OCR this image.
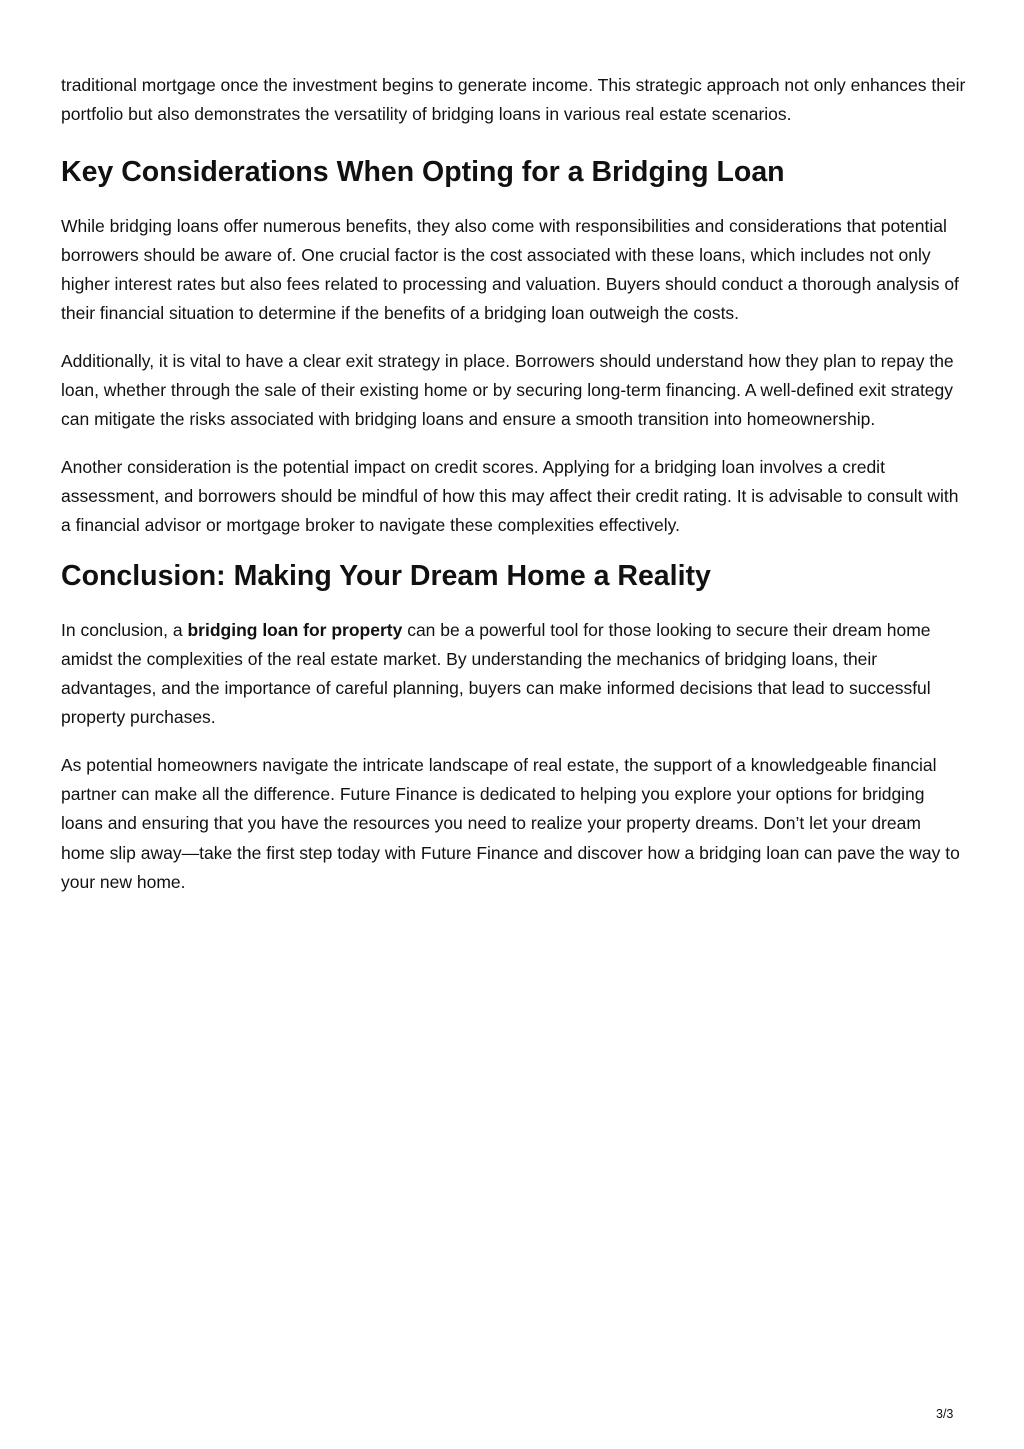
traditional mortgage once the investment begins to generate income. This strategic approach not only enhances their portfolio but also demonstrates the versatility of bridging loans in various real estate scenarios.

Key Considerations When Opting for a Bridging Loan

While bridging loans offer numerous benefits, they also come with responsibilities and considerations that potential borrowers should be aware of. One crucial factor is the cost associated with these loans, which includes not only higher interest rates but also fees related to processing and valuation. Buyers should conduct a thorough analysis of their financial situation to determine if the benefits of a bridging loan outweigh the costs.

Additionally, it is vital to have a clear exit strategy in place. Borrowers should understand how they plan to repay the loan, whether through the sale of their existing home or by securing long-term financing. A well-defined exit strategy can mitigate the risks associated with bridging loans and ensure a smooth transition into homeownership.

Another consideration is the potential impact on credit scores. Applying for a bridging loan involves a credit assessment, and borrowers should be mindful of how this may affect their credit rating. It is advisable to consult with a financial advisor or mortgage broker to navigate these complexities effectively.

Conclusion: Making Your Dream Home a Reality

In conclusion, a bridging loan for property can be a powerful tool for those looking to secure their dream home amidst the complexities of the real estate market. By understanding the mechanics of bridging loans, their advantages, and the importance of careful planning, buyers can make informed decisions that lead to successful property purchases.

As potential homeowners navigate the intricate landscape of real estate, the support of a knowledgeable financial partner can make all the difference. Future Finance is dedicated to helping you explore your options for bridging loans and ensuring that you have the resources you need to realize your property dreams. Don’t let your dream home slip away—take the first step today with Future Finance and discover how a bridging loan can pave the way to your new home.

3/3
